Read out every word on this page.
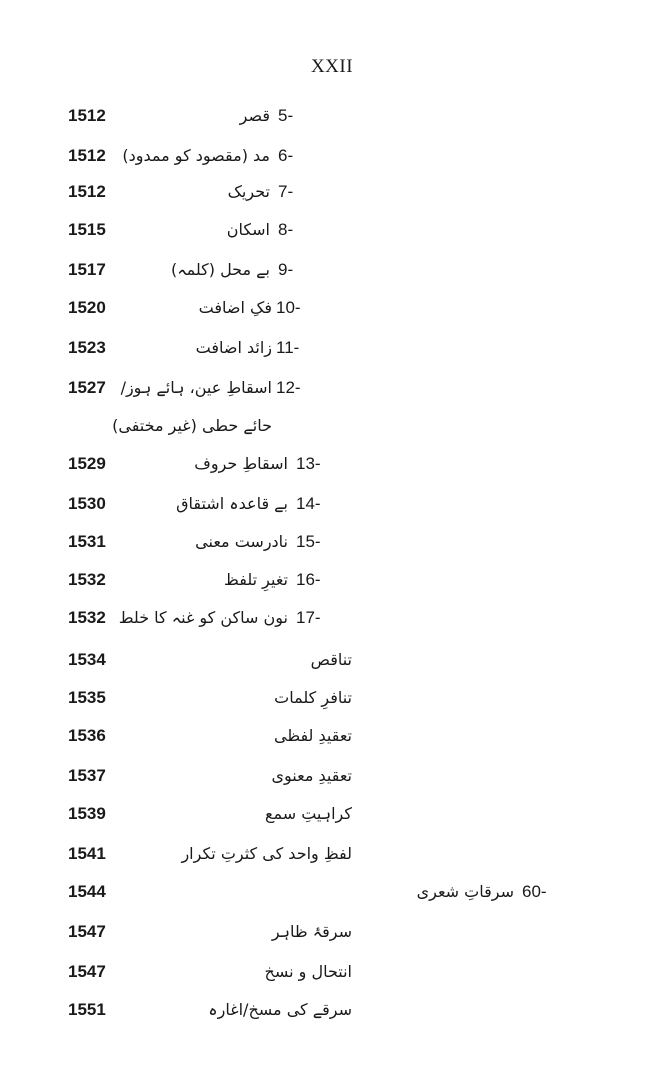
XXII
1512	قصر 5-
1512 مد (مقصود کو ممدود) 6-
1512	تحریک 7-
1515	اسکان 8-
1517	بے محل (کلمہ) 9-
1520	فکِ اضافت 10-
1523	زائد اضافت 11-
1527 اسقاطِ عین، ہائے ہوز/ 12-
حائے حطی (غیر مختفی)
1529	اسقاطِ حروف 13-
1530	بے قاعدہ اشتقاق 14-
1531	نادرست معنی 15-
1532	تغیرِ تلفظ 16-
1532 نون ساکن کو غنہ کا خلط 17-
1534	تناقص
1535	تنافرِ کلمات
1536	تعقیدِ لفظی
1537	تعقیدِ معنوی
1539	کراہیتِ سمع
1541	لفظِ واحد کی کثرتِ تکرار
1544	سرقاتِ شعری 60-
1547	سرقۂ ظاہر
1547	انتحال و نسخ
1551	سرقے کی مسخ/اغارہ
